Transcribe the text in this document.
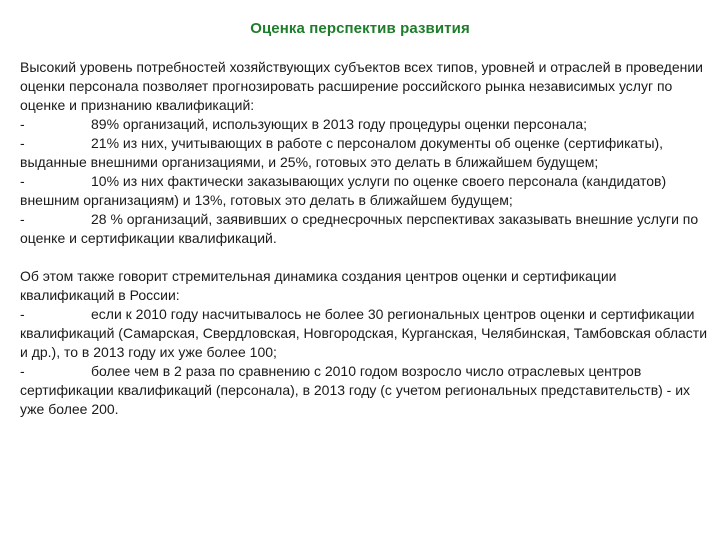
Оценка перспектив развития

Высокий уровень потребностей хозяйствующих субъектов всех типов, уровней и отраслей в проведении оценки персонала позволяет прогнозировать расширение российского рынка независимых услуг по оценке и признанию квалификаций:

-	89% организаций, использующих в 2013 году процедуры оценки персонала;

-	21% из них, учитывающих в работе с персоналом документы об оценке (сертификаты), выданные внешними организациями, и 25%, готовых это делать в ближайшем будущем;

-	10% из них фактически заказывающих услуги по оценке своего персонала (кандидатов) внешним организациям) и 13%, готовых это делать в ближайшем будущем;

-	28 % организаций, заявивших о среднесрочных перспективах заказывать внешние услуги по оценке и сертификации квалификаций.

Об этом также говорит стремительная динамика создания центров оценки и сертификации квалификаций в России:

-	если к 2010 году насчитывалось не более 30 региональных центров оценки и сертификации квалификаций (Самарская, Свердловская, Новгородская, Курганская, Челябинская, Тамбовская области и др.), то в 2013 году их уже более 100;

-	более чем в 2 раза по сравнению с 2010 годом возросло число отраслевых центров сертификации квалификаций (персонала), в 2013 году (с учетом региональных представительств) - их уже более 200.
